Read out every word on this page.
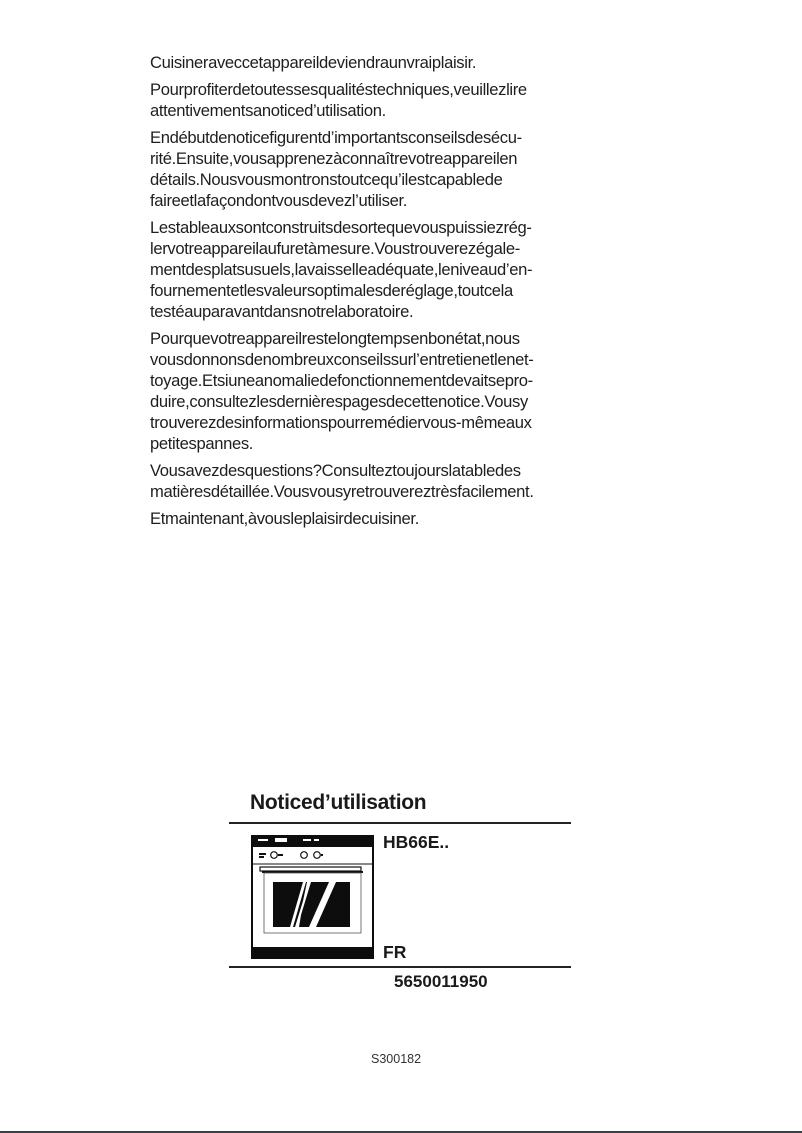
Cuisineraveccetappareildeviendraunvraiplaisir.

Pourprofiterdetoutessesqualitéstechniques,veuillezlire attentivementsanoticed’utilisation.

Endébutdenoticefigurentd’importantsconseilsdesécu- rité.Ensuite,vousapprenezàconnaîtrevotreappareilen détails.Nousvousmontronstoutcequ’ilestcapablede faireetlafaçondontvousdevezl’utiliser.

Lestableauxsontconstruitsdesortequevouspuissiezrég- lervotreappareilaufuretàmesure.Voustrouverezégale- mentdesplatsusuels,lavaisselleadéquate,leniveaud’en- fournementetlesvaleursoptimalesderéglage,toutcela testéauparavantdansnotrelaboratoire.

Pourquevotreappareilrestelongtempsenbonétat,nous vousdonnonsdenombreuxconseilssurl’entretienetlenet- toyage.Etsiuneanomaliedefonctionnementdevaitsepro- duire,consultezlesdernièrespagesdecettenotice.Vousy trouverezdesinformationspourremédiervous-mêmeaux petitespannes.

Vousavezdesquestions?Consulteztoujourslatabledes matièresdétaillée.Vousvousyretrouvereztrèsfacilement.

Etmaintenant,àvousleplaisirdecuisiner.

Noticed’utilisation
HB66E..
FR
5650011950
S300182
